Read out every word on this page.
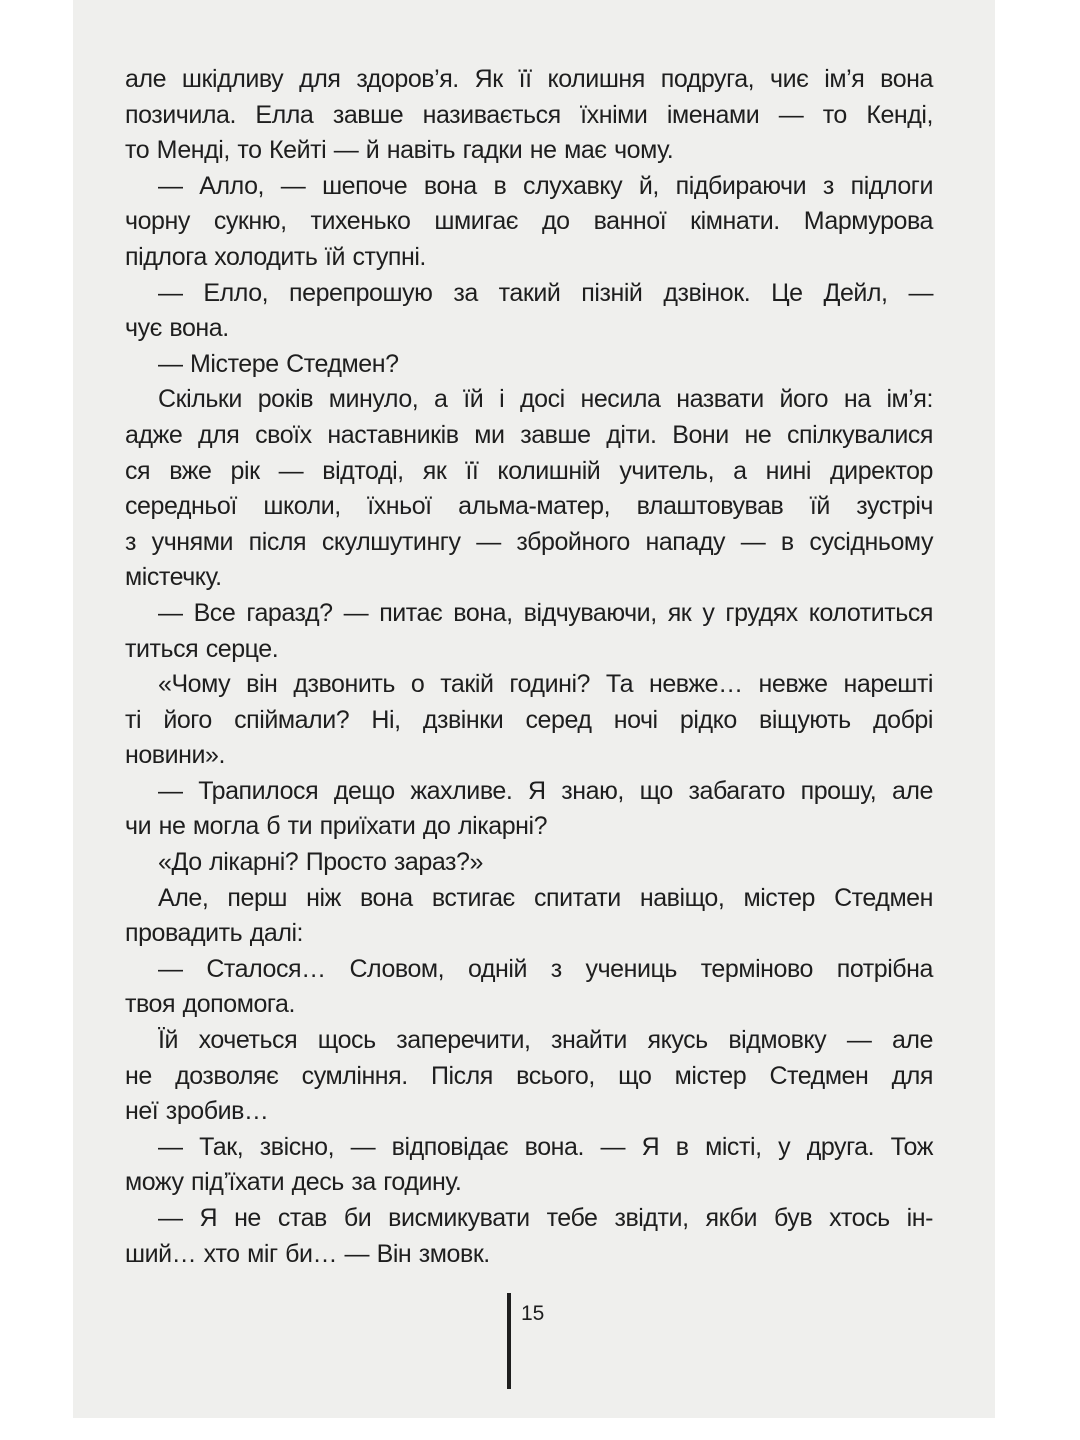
але шкідливу для здоров’я. Як її колишня подруга, чиє ім’я вона
позичила. Елла завше називається їхніми іменами — то Кенді,
то Менді, то Кейті — й навіть гадки не має чому.
— Алло, — шепоче вона в слухавку й, підбираючи з підлоги
чорну сукню, тихенько шмигає до ванної кімнати. Мармурова
підлога холодить їй ступні.
— Елло, перепрошую за такий пізній дзвінок. Це Дейл, —
чує вона.
— Містере Стедмен?
Скільки років минуло, а їй і досі несила назвати його на ім’я:
адже для своїх наставників ми завше діти. Вони не спілкувалися
ся вже рік — відтоді, як її колишній учитель, а нині директор
середньої школи, їхньої альма-матер, влаштовував їй зустріч
з учнями після скулшутингу — збройного нападу — в сусідньому
містечку.
— Все гаразд? — питає вона, відчуваючи, як у грудях колотиться
титься серце.
«Чому він дзвонить о такій годині? Та невже… невже нарешті
ті його спіймали? Ні, дзвінки серед ночі рідко віщують добрі
новини».
— Трапилося дещо жахливе. Я знаю, що забагато прошу, але
чи не могла б ти приїхати до лікарні?
«До лікарні? Просто зараз?»
Але, перш ніж вона встигає спитати навіщо, містер Стедмен
провадить далі:
— Сталося… Словом, одній з учениць терміново потрібна
твоя допомога.
Їй хочеться щось заперечити, знайти якусь відмовку — але
не дозволяє сумління. Після всього, що містер Стедмен для
неї зробив…
— Так, звісно, — відповідає вона. — Я в місті, у друга. Тож
можу під’їхати десь за годину.
— Я не став би висмикувати тебе звідти, якби був хтось ін-
ший… хто міг би… — Він змовк.
15
